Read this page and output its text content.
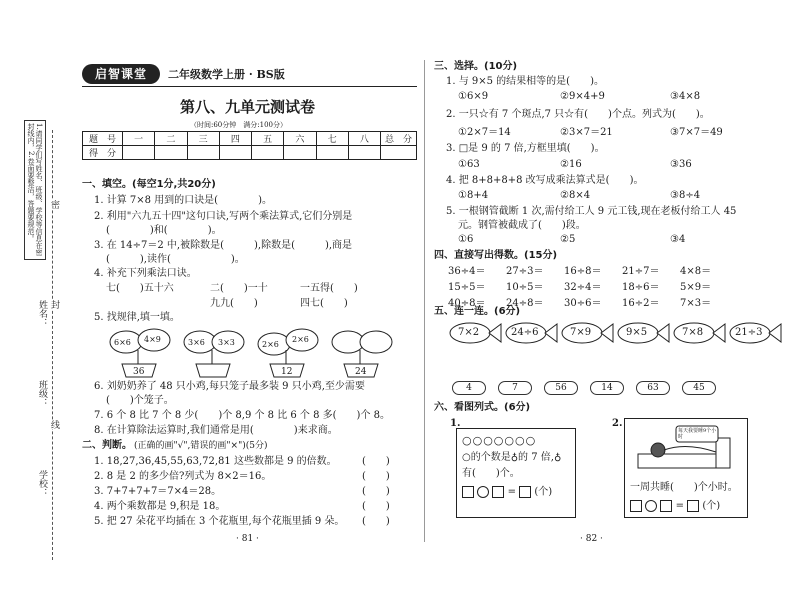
1.请同学们写姓名、班级、学校等信息在密封线内，2.卷面要整洁，答题要规范。
姓名：
班级：
学校：
封
线
密
启智课堂	二年级数学上册 · BS版
第八、九单元测试卷
（时间:60分钟　满分:100分）
题　号	一	二	三	四	五	六	七	八	总　分
得　分									
一、填空。(每空1分,共20分)
1. 计算 7×8 用到的口诀是(　　　　)。
2. 利用"六九五十四"这句口诀,写两个乘法算式,它们分别是
(　　　　)和(　　　　)。
3. 在 14÷7＝2 中,被除数是(　　　),除数是(　　　),商是
(　　　),读作(　　　　　　)。
4. 补充下列乘法口诀。
七(　　)五十六	二(　　)一十	一五得(　　)
九九(　　)	四七(　　)
5. 找规律,填一填。
6×6 4×9
36
3×6 3×3	2×6
2×6
12	24
6. 刘奶奶养了 48 只小鸡,每只笼子最多装 9 只小鸡,至少需要
(　　)个笼子。
7. 6 个 8 比 7 个 8 少(　　)个 8,9 个 8 比 6 个 8 多(　　)个 8。
8. 在计算除法运算时,我们通常是用(　　　　)来求商。
二、判断。 (正确的画"√",错误的画"×")(5分)
1. 18,27,36,45,55,63,72,81 这些数都是 9 的倍数。	(　　)
2. 8 是 2 的多少倍?列式为 8×2＝16。	(　　)
3. 7+7+7+7＝7×4＝28。	(　　)
4. 两个乘数都是 9,积是 18。	(　　)
5. 把 27 朵花平均插在 3 个花瓶里,每个花瓶里插 9 朵。 (　　)
· 81 ·
三、选择。(10分)
1. 与 9×5 的结果相等的是(　　)。
①6×9	②9×4+9	③4×8
2. 一只☆有 7 个斑点,7 只☆有(　　)个点。列式为(　　)。
①2×7＝14	②3×7＝21	③7×7＝49
3. □是 9 的 7 倍,方框里填(　　)。
①63	②16	③36
4. 把 8+8+8+8 改写成乘法算式是(　　)。
①8+4	②8×4	③8÷4
5. 一根钢管截断 1 次,需付给工人 9 元工钱,现在老板付给工人 45
元。钢管被截成了(　　)段。
①6	②5	③4
四、直接写出得数。(15分)
36÷4＝ 27÷3＝ 16÷8＝ 21÷7＝ 4×8＝
15÷5＝ 10÷5＝ 32÷4＝ 18÷6＝ 5×9＝
40÷8＝ 24÷8＝ 30÷6＝ 16÷2＝ 7×3＝
五、连一连。(6分)
7×2	24÷6	7×9	9×5	7×8	21÷3
4	7	56	14	63	45
六、看图列式。(6分)
1.
○○○○○○○
○的个数是♁的 7 倍,♁
有(　　)个。
= (个)
2.
每天我要睡9个小时
一周共睡(　　)个小时。
= (个)
· 82 ·
